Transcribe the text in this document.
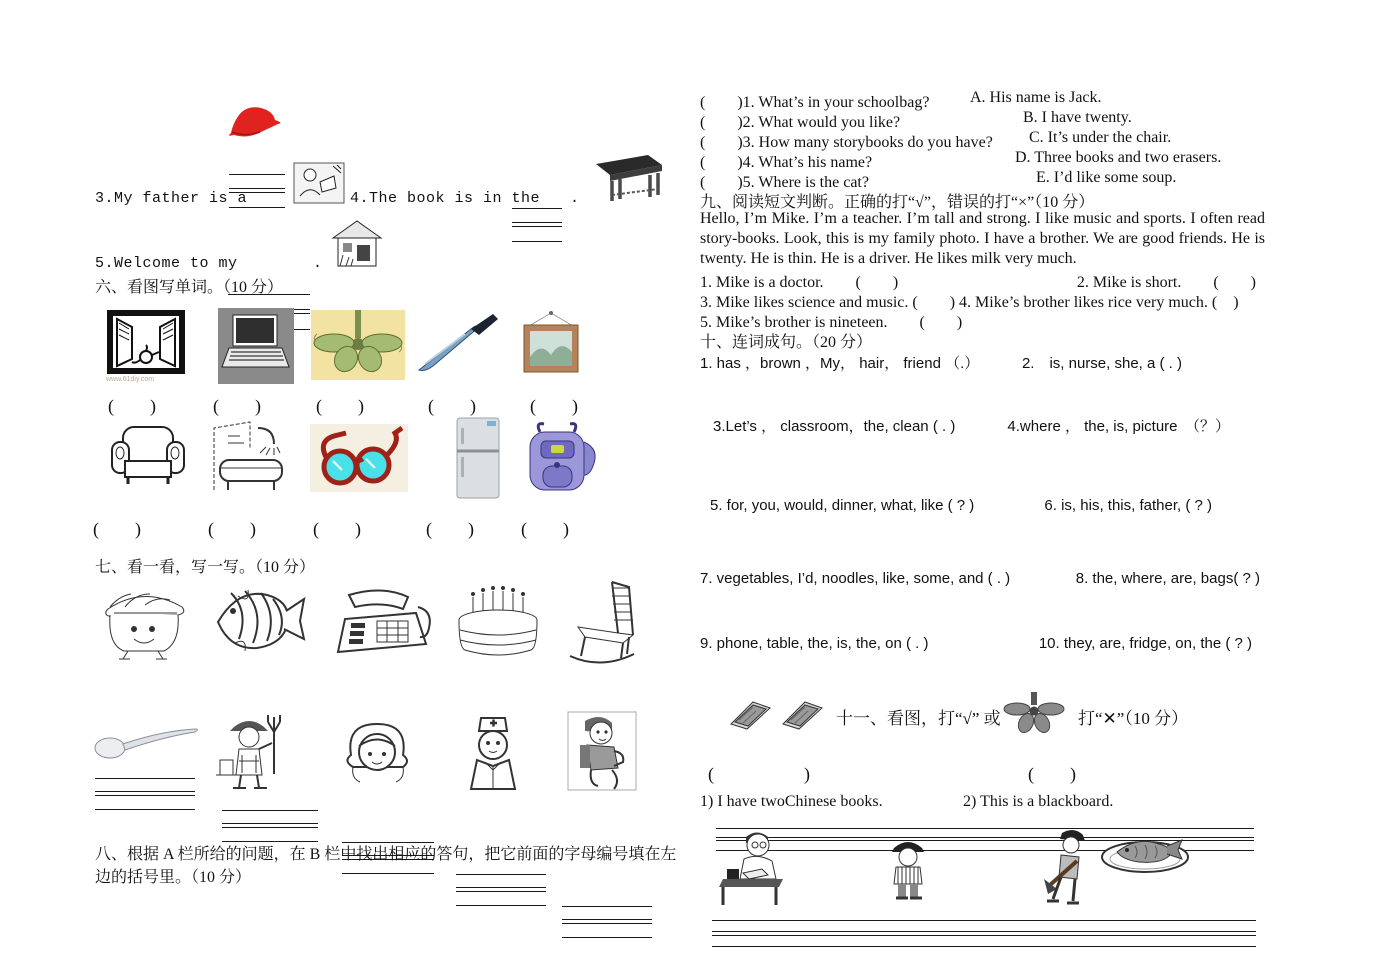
3.My father is a	4.The book is in the .
5.Welcome to my	.
六、看图写单词。（10 分）
www.61diy.com
(　　)	(　　)	(　　)	(　　)	(　　)
(　　)	(　　)	(　　)	(　　)	(　　)
七、看一看，写一写。（10 分）
八、根据 A 栏所给的问题，在 B 栏中找出相应的答句，把它前面的字母编号填在左边的括号里。（10 分）
(　　)1. What’s in your schoolbag?	A. His name is Jack.
(　　)2. What would you like?	B. I have twenty.
(　　)3. How many storybooks do you have? C. It’s under the chair.
(　　)4. What’s his name?	D. Three books and two erasers.
(　　)5. Where is the cat?	E. I’d like some soup.
九、阅读短文判断。正确的打“√”，错误的打“×”（10 分）
Hello, I’m Mike. I’m a teacher. I’m tall and strong. I like music and sports. I often read story-books. Look, this is my family photo. I have a brother. We are good friends. He is twenty. He is thin. He is a driver. He likes milk very much.
1. Mike is a doctor.　　(　　)	2. Mike is short.　　(　　)
3. Mike likes science and music. (　　) 4. Mike’s brother likes rice very much. (　)
5. Mike’s brother is nineteen.　　(　　)
十、连词成句。（20 分）
1. has ，brown ，My， hair， friend （.）	2.　is, nurse, she, a ( . )
3.Let’s ， classroom，the, clean ( . )	4.where ， the, is, picture　（？）
5. for, you, would, dinner, what, like ( ? )	6. is, his, this, father, ( ? )
7. vegetables, I’d, noodles, like, some, and ( . )	8. the, where, are, bags( ? )
9. phone, table, the, is, the, on ( . )	10. they, are, fridge, on, the ( ? )
十一、看图，打“√” 或	打“✕”（10 分）
(　　　　　)	(　　)
1) I have twoChinese books.	2) This is a blackboard.
